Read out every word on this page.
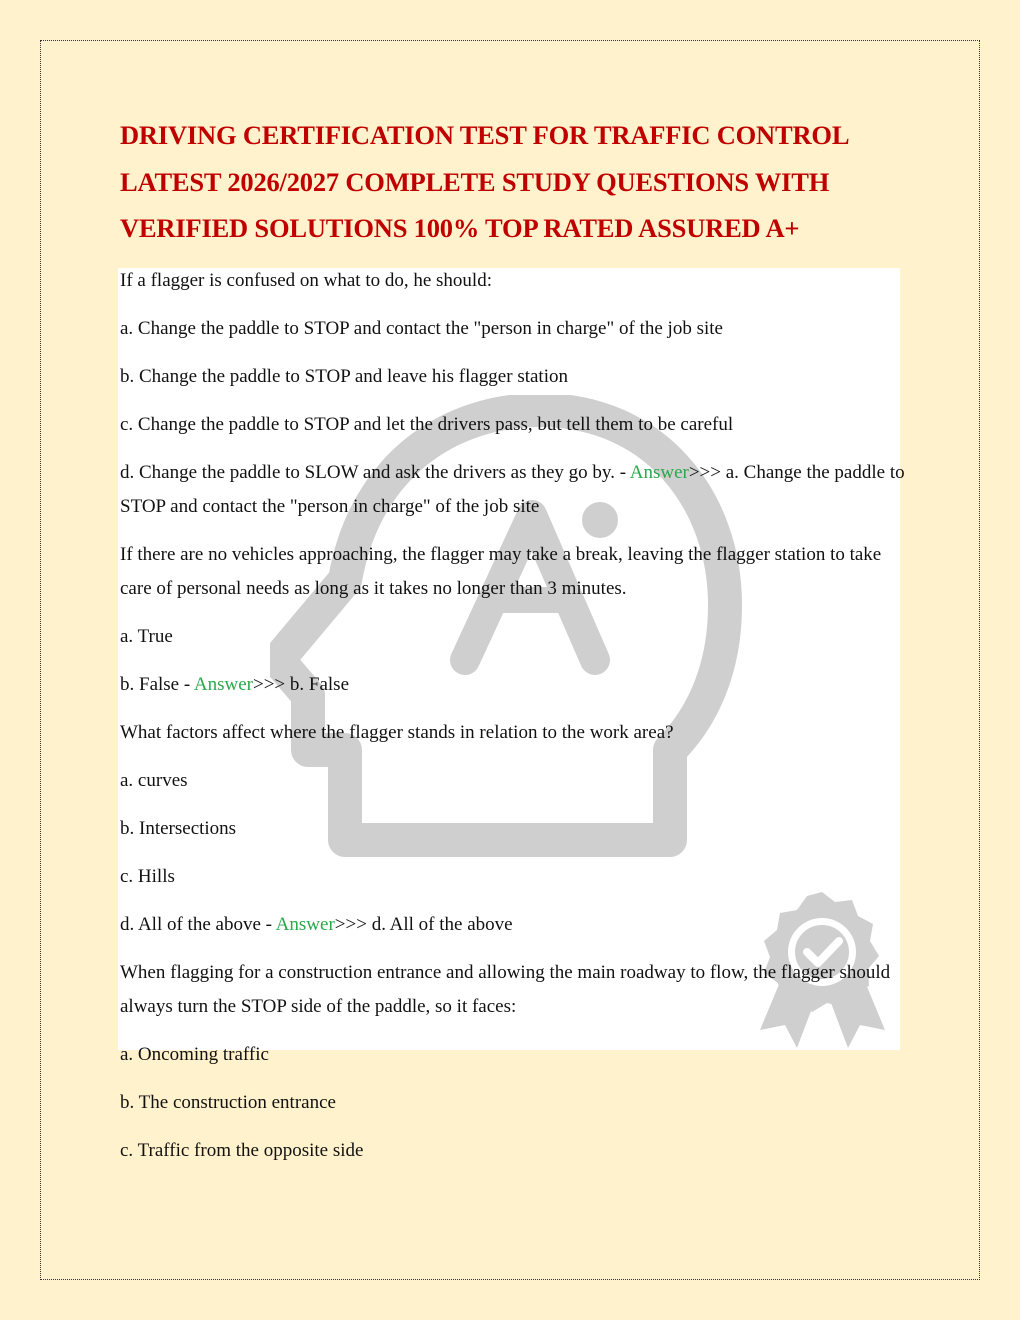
DRIVING CERTIFICATION TEST FOR TRAFFIC CONTROL LATEST 2026/2027 COMPLETE STUDY QUESTIONS WITH VERIFIED SOLUTIONS 100% TOP RATED ASSURED A+

If a flagger is confused on what to do, he should:

a. Change the paddle to STOP and contact the "person in charge" of the job site

b. Change the paddle to STOP and leave his flagger station

c. Change the paddle to STOP and let the drivers pass, but tell them to be careful

d. Change the paddle to SLOW and ask the drivers as they go by. - Answer>>> a. Change the paddle to STOP and contact the "person in charge" of the job site

If there are no vehicles approaching, the flagger may take a break, leaving the flagger station to take care of personal needs as long as it takes no longer than 3 minutes.

a. True

b. False - Answer>>> b. False

What factors affect where the flagger stands in relation to the work area?

a. curves

b. Intersections

c. Hills

d. All of the above - Answer>>> d. All of the above

When flagging for a construction entrance and allowing the main roadway to flow, the flagger should always turn the STOP side of the paddle, so it faces:

a. Oncoming traffic

b. The construction entrance

c. Traffic from the opposite side
